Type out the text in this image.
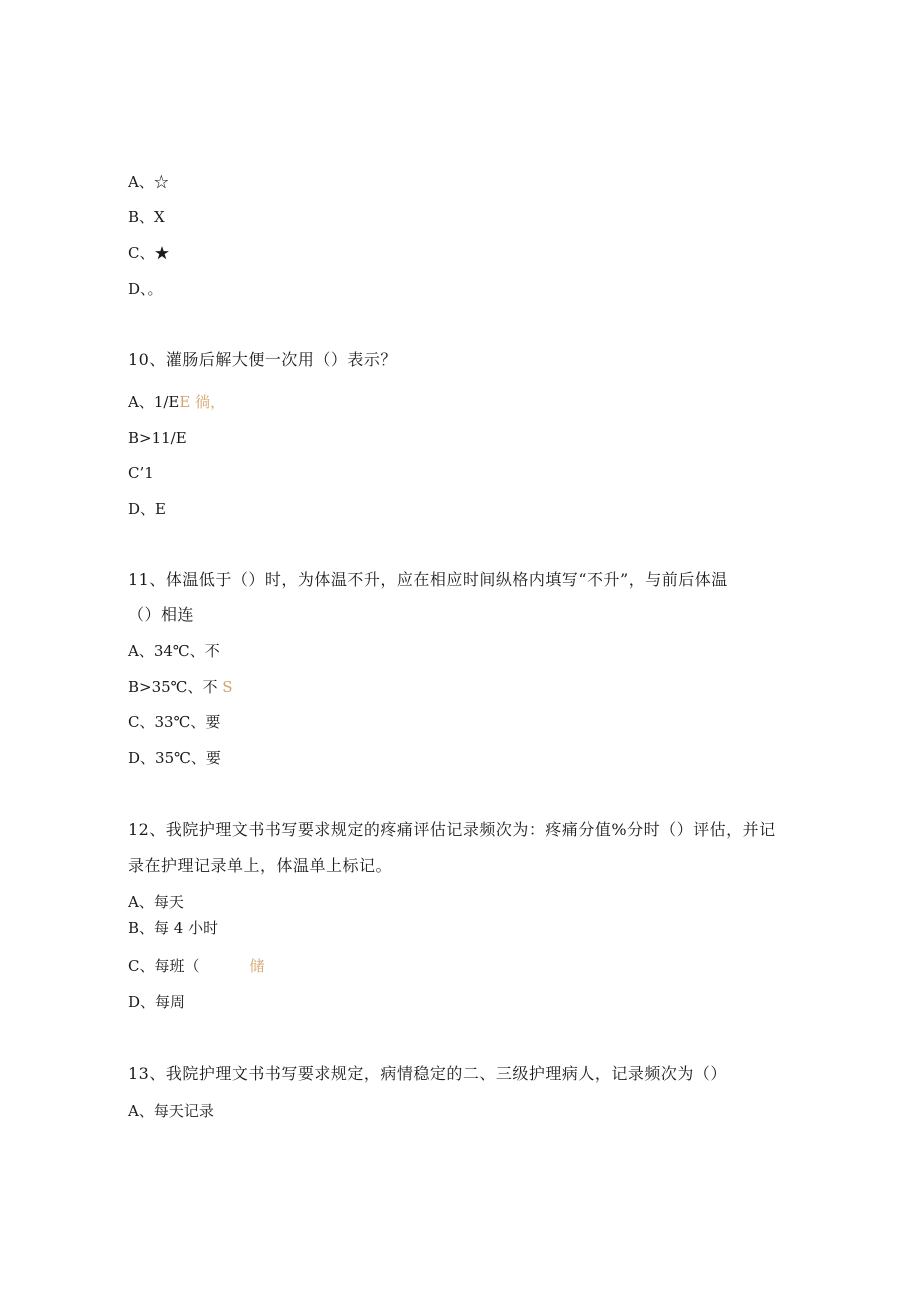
A、☆
B、X
C、★
D、。
10、灌肠后解大便一次用（）表示？
A、1/EE 徜，
B>11/E
C’1
D、E
11、体温低于（）时，为体温不升，应在相应时间纵格内填写“不升”，与前后体温
（）相连
A、34℃、不
B>35℃、不 S
C、33℃、要
D、35℃、要
12、我院护理文书书写要求规定的疼痛评估记录频次为：疼痛分值%分时（）评估，并记
录在护理记录单上，体温单上标记。
A、每天
B、每 4 小时
C、每班（	储
D、每周
13、我院护理文书书写要求规定，病情稳定的二、三级护理病人，记录频次为（）
A、每天记录
